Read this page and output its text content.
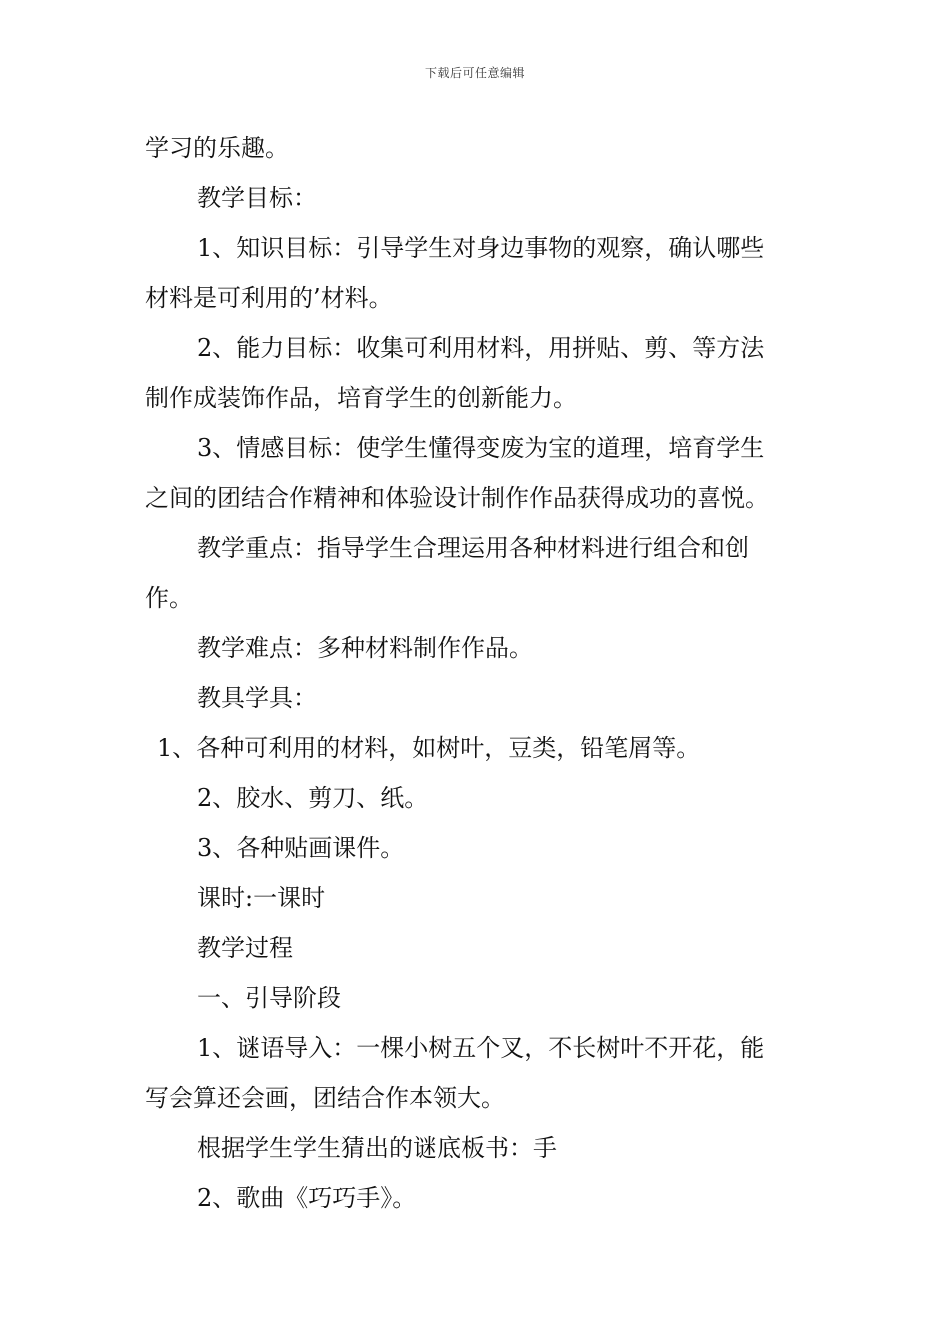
下载后可任意编辑
学习的乐趣。
教学目标：
1、知识目标：引导学生对身边事物的观察，确认哪些
材料是可利用的’材料。
2、能力目标：收集可利用材料，用拼贴、剪、等方法
制作成装饰作品，培育学生的创新能力。
3、情感目标：使学生懂得变废为宝的道理，培育学生
之间的团结合作精神和体验设计制作作品获得成功的喜悦。
教学重点：指导学生合理运用各种材料进行组合和创
作。
教学难点：多种材料制作作品。
教具学具：
1、各种可利用的材料，如树叶，豆类，铅笔屑等。
2、胶水、剪刀、纸。
3、各种贴画课件。
课时:一课时
教学过程
一、引导阶段
1、谜语导入：一棵小树五个叉，不长树叶不开花，能
写会算还会画，团结合作本领大。
根据学生学生猜出的谜底板书：手
2、歌曲《巧巧手》。
